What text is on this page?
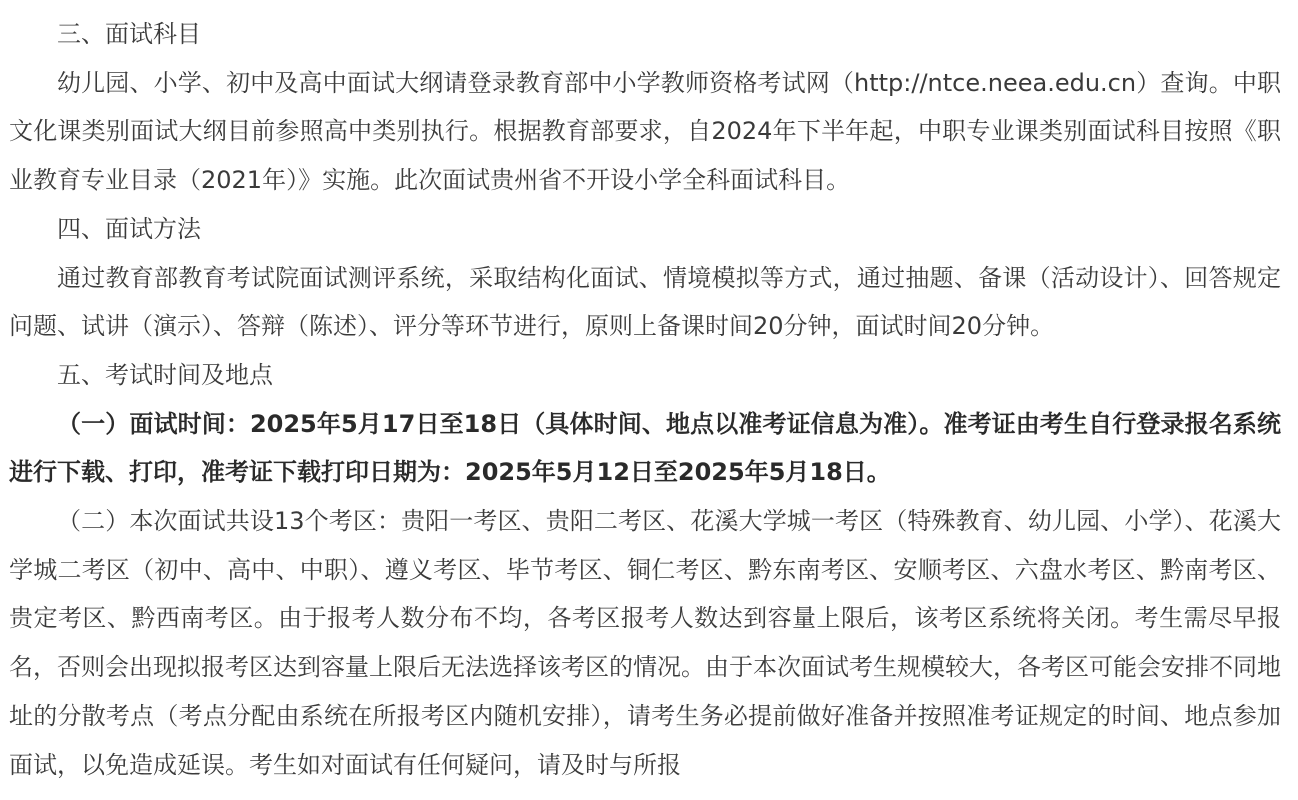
三、面试科目

幼儿园、小学、初中及高中面试大纲请登录教育部中小学教师资格考试网（http://ntce.neea.edu.cn）查询。中职文化课类别面试大纲目前参照高中类别执行。根据教育部要求，自2024年下半年起，中职专业课类别面试科目按照《职业教育专业目录（2021年）》实施。此次面试贵州省不开设小学全科面试科目。

四、面试方法

通过教育部教育考试院面试测评系统，采取结构化面试、情境模拟等方式，通过抽题、备课（活动设计）、回答规定问题、试讲（演示）、答辩（陈述）、评分等环节进行，原则上备课时间20分钟，面试时间20分钟。

五、考试时间及地点

（一）面试时间：2025年5月17日至18日（具体时间、地点以准考证信息为准）。准考证由考生自行登录报名系统进行下载、打印，准考证下载打印日期为：2025年5月12日至2025年5月18日。

（二）本次面试共设13个考区：贵阳一考区、贵阳二考区、花溪大学城一考区（特殊教育、幼儿园、小学）、花溪大学城二考区（初中、高中、中职）、遵义考区、毕节考区、铜仁考区、黔东南考区、安顺考区、六盘水考区、黔南考区、贵定考区、黔西南考区。由于报考人数分布不均，各考区报考人数达到容量上限后，该考区系统将关闭。考生需尽早报名，否则会出现拟报考区达到容量上限后无法选择该考区的情况。由于本次面试考生规模较大，各考区可能会安排不同地址的分散考点（考点分配由系统在所报考区内随机安排），请考生务必提前做好准备并按照准考证规定的时间、地点参加面试，以免造成延误。考生如对面试有任何疑问，请及时与所报
